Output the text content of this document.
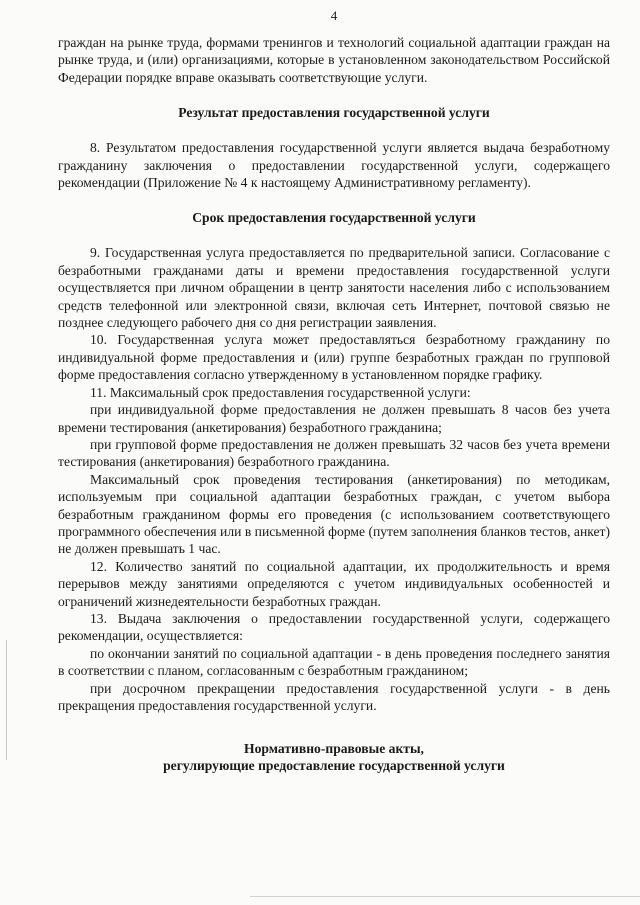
4

граждан на рынке труда, формами тренингов и технологий социальной адаптации граждан на рынке труда, и (или) организациями, которые в установленном законодательством Российской Федерации порядке вправе оказывать соответствующие услуги.

Результат предоставления государственной услуги

8. Результатом предоставления государственной услуги является выдача безработному гражданину заключения о предоставлении государственной услуги, содержащего рекомендации (Приложение № 4 к настоящему Административному регламенту).

Срок предоставления государственной услуги

9. Государственная услуга предоставляется по предварительной записи. Согласование с безработными гражданами даты и времени предоставления государственной услуги осуществляется при личном обращении в центр занятости населения либо с использованием средств телефонной или электронной связи, включая сеть Интернет, почтовой связью не позднее следующего рабочего дня со дня регистрации заявления.

10. Государственная услуга может предоставляться безработному гражданину по индивидуальной форме предоставления и (или) группе безработных граждан по групповой форме предоставления согласно утвержденному в установленном порядке графику.

11. Максимальный срок предоставления государственной услуги:

при индивидуальной форме предоставления не должен превышать 8 часов без учета времени тестирования (анкетирования) безработного гражданина;

при групповой форме предоставления не должен превышать 32 часов без учета времени тестирования (анкетирования) безработного гражданина.

Максимальный срок проведения тестирования (анкетирования) по методикам, используемым при социальной адаптации безработных граждан, с учетом выбора безработным гражданином формы его проведения (с использованием соответствующего программного обеспечения или в письменной форме (путем заполнения бланков тестов, анкет) не должен превышать 1 час.

12. Количество занятий по социальной адаптации, их продолжительность и время перерывов между занятиями определяются с учетом индивидуальных особенностей и ограничений жизнедеятельности безработных граждан.

13. Выдача заключения о предоставлении государственной услуги, содержащего рекомендации, осуществляется:

по окончании занятий по социальной адаптации - в день проведения последнего занятия в соответствии с планом, согласованным с безработным гражданином;

при досрочном прекращении предоставления государственной услуги - в день прекращения предоставления государственной услуги.

Нормативно-правовые акты,
регулирующие предоставление государственной услуги
